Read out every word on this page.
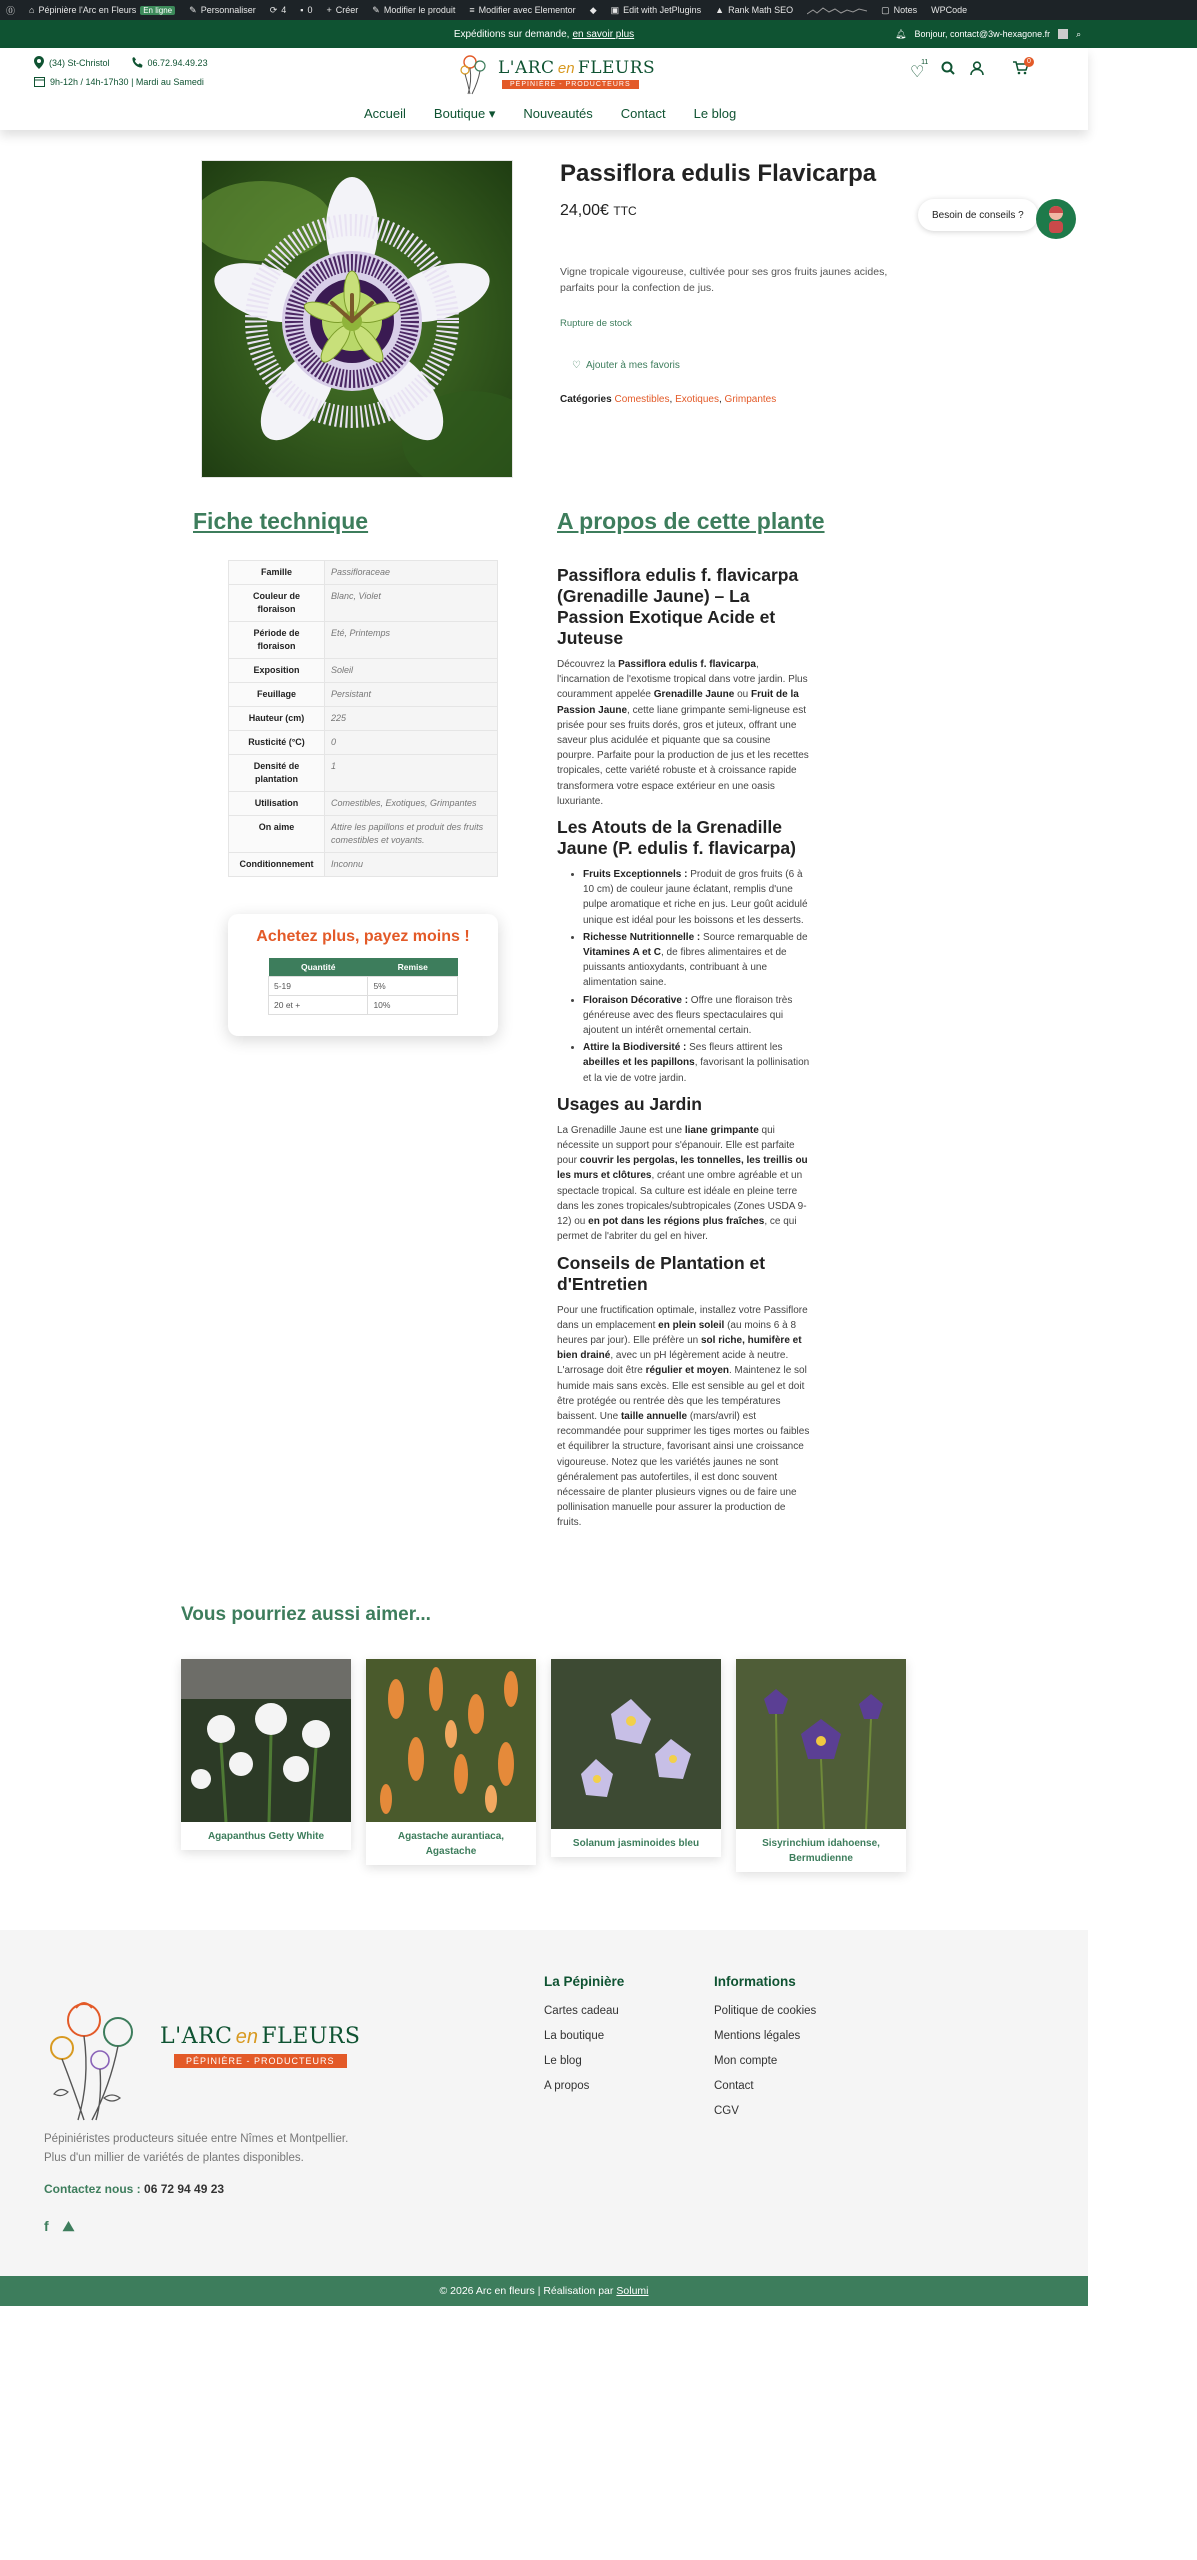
⓪ ⌂ Pépinière l'Arc en Fleurs En ligne	✎ Personnaliser ⟳ 4 ▪ 0 + Créer ✎ Modifier le produit ≡ Modifier avec Elementor ◆ ▣ Edit with JetPlugins ▲ Rank Math SEO	▢ Notes WPCode
Expéditions sur demande, en savoir plus	🔔︎ Bonjour, contact@3w-hexagone.fr	⌕
(34) St-Christol	06.72.94.49.23
9h-12h / 14h-17h30 | Mardi au Samedi
L'ARC en FLEURS
PÉPINIÈRE - PRODUCTEURS
♡
11	0
Accueil Boutique ▾ Nouveautés Contact Le blog
Passiflora edulis Flavicarpa
24,00€ TTC
Vigne tropicale vigoureuse, cultivée pour ses gros fruits jaunes acides, parfaits pour la confection de jus.
Rupture de stock
♡ Ajouter à mes favoris
Catégories Comestibles, Exotiques, Grimpantes
Besoin de conseils ?
Fiche technique
Famille	Passifloraceae
Couleur de floraison	Blanc, Violet
Période de floraison	Eté, Printemps
Exposition	Soleil
Feuillage	Persistant
Hauteur (cm)	225
Rusticité (°C)	0
Densité de plantation	1
Utilisation	Comestibles, Exotiques, Grimpantes
On aime	Attire les papillons et produit des fruits comestibles et voyants.
Conditionnement	Inconnu
Achetez plus, payez moins !
Quantité	Remise
5-19	5%
20 et +	10%
A propos de cette plante
Passiflora edulis f. flavicarpa (Grenadille Jaune) – La Passion Exotique Acide et Juteuse

Découvrez la Passiflora edulis f. flavicarpa, l'incarnation de l'exotisme tropical dans votre jardin. Plus couramment appelée Grenadille Jaune ou Fruit de la Passion Jaune, cette liane grimpante semi-ligneuse est prisée pour ses fruits dorés, gros et juteux, offrant une saveur plus acidulée et piquante que sa cousine pourpre. Parfaite pour la production de jus et les recettes tropicales, cette variété robuste et à croissance rapide transformera votre espace extérieur en une oasis luxuriante.

Les Atouts de la Grenadille Jaune (P. edulis f. flavicarpa)
• Fruits Exceptionnels : Produit de gros fruits (6 à 10 cm) de couleur jaune éclatant, remplis d'une pulpe aromatique et riche en jus. Leur goût acidulé unique est idéal pour les boissons et les desserts.
• Richesse Nutritionnelle : Source remarquable de Vitamines A et C, de fibres alimentaires et de puissants antioxydants, contribuant à une alimentation saine.
• Floraison Décorative : Offre une floraison très généreuse avec des fleurs spectaculaires qui ajoutent un intérêt ornemental certain.
• Attire la Biodiversité : Ses fleurs attirent les abeilles et les papillons, favorisant la pollinisation et la vie de votre jardin.
Usages au Jardin

La Grenadille Jaune est une liane grimpante qui nécessite un support pour s'épanouir. Elle est parfaite pour couvrir les pergolas, les tonnelles, les treillis ou les murs et clôtures, créant une ombre agréable et un spectacle tropical. Sa culture est idéale en pleine terre dans les zones tropicales/subtropicales (Zones USDA 9-12) ou en pot dans les régions plus fraîches, ce qui permet de l'abriter du gel en hiver.

Conseils de Plantation et d'Entretien

Pour une fructification optimale, installez votre Passiflore dans un emplacement en plein soleil (au moins 6 à 8 heures par jour). Elle préfère un sol riche, humifère et bien drainé, avec un pH légèrement acide à neutre. L'arrosage doit être régulier et moyen. Maintenez le sol humide mais sans excès. Elle est sensible au gel et doit être protégée ou rentrée dès que les températures baissent. Une taille annuelle (mars/avril) est recommandée pour supprimer les tiges mortes ou faibles et équilibrer la structure, favorisant ainsi une croissance vigoureuse. Notez que les variétés jaunes ne sont généralement pas autofertiles, il est donc souvent nécessaire de planter plusieurs vignes ou de faire une pollinisation manuelle pour assurer la production de fruits.

Vous pourriez aussi aimer...
Agapanthus Getty White	Agastache aurantiaca, Agastache
Solanum jasminoides bleu	Sisyrinchium idahoense, Bermudienne
L'ARC en FLEURS
PÉPINIÈRE - PRODUCTEURS
Pépiniéristes producteurs située entre Nîmes et Montpellier.
Plus d'un millier de variétés de plantes disponibles.
Contactez nous : 06 72 94 49 23
f ⛰︎
La Pépinière
Cartes cadeau
La boutique
Le blog
A propos
Informations
Politique de cookies
Mentions légales
Mon compte
Contact
CGV
© 2026 Arc en fleurs | Réalisation par Solumi
